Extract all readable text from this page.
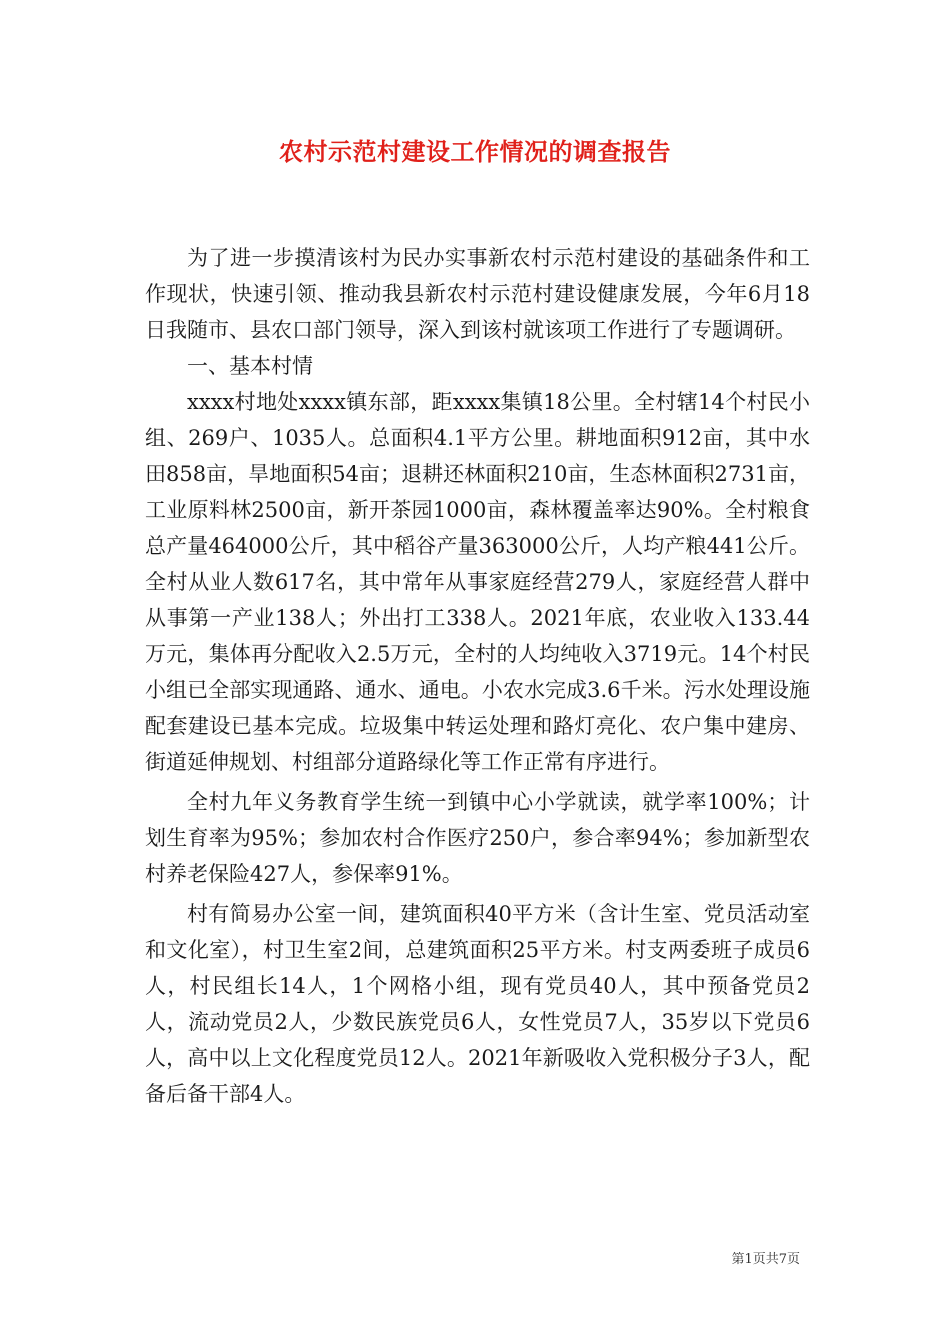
农村示范村建设工作情况的调查报告

为了进一步摸清该村为民办实事新农村示范村建设的基础条件和工作现状，快速引领、推动我县新农村示范村建设健康发展，今年6月18日我随市、县农口部门领导，深入到该村就该项工作进行了专题调研。

一、基本村情

xxxx村地处xxxx镇东部，距xxxx集镇18公里。全村辖14个村民小组、269户、1035人。总面积4.1平方公里。耕地面积912亩，其中水田858亩，旱地面积54亩；退耕还林面积210亩，生态林面积2731亩，工业原料林2500亩，新开茶园1000亩，森林覆盖率达90%。全村粮食总产量464000公斤，其中稻谷产量363000公斤，人均产粮441公斤。全村从业人数617名，其中常年从事家庭经营279人，家庭经营人群中从事第一产业138人；外出打工338人。2021年底，农业收入133.44万元，集体再分配收入2.5万元，全村的人均纯收入3719元。14个村民小组已全部实现通路、通水、通电。小农水完成3.6千米。污水处理设施配套建设已基本完成。垃圾集中转运处理和路灯亮化、农户集中建房、街道延伸规划、村组部分道路绿化等工作正常有序进行。

全村九年义务教育学生统一到镇中心小学就读，就学率100%；计划生育率为95%；参加农村合作医疗250户，参合率94%；参加新型农村养老保险427人，参保率91%。

村有简易办公室一间，建筑面积40平方米（含计生室、党员活动室和文化室），村卫生室2间，总建筑面积25平方米。村支两委班子成员6人，村民组长14人，1个网格小组，现有党员40人，其中预备党员2人，流动党员2人，少数民族党员6人，女性党员7人，35岁以下党员6人，高中以上文化程度党员12人。2021年新吸收入党积极分子3人，配备后备干部4人。

第1页共7页
